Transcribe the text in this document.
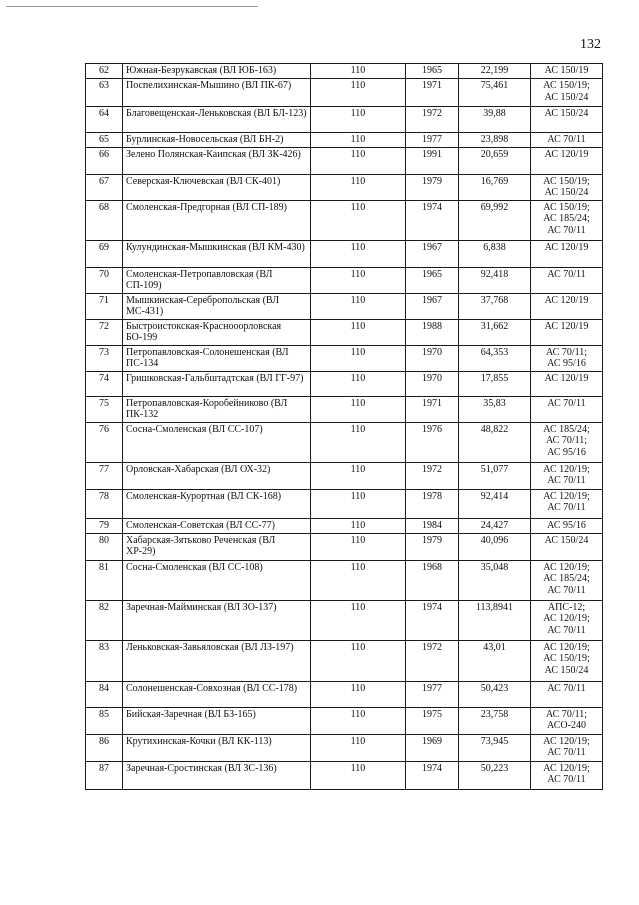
132
62	Южная-Безрукавская (ВЛ ЮБ-163)	110	1965	22,199	АС 150/19

63	Поспелихинская-Мышино (ВЛ ПК-67)	110	1971	75,461	АС 150/19;
АС 150/24

64	Благовещенская-Леньковская (ВЛ БЛ-123)	110	1972	39,88	АС 150/24

65	Бурлинская-Новосельская (ВЛ БН-2)	110	1977	23,898	АС 70/11

66	Зелено Полянская-Каипская (ВЛ ЗК-426)	110	1991	20,659	АС 120/19

67	Северская-Ключевская (ВЛ СК-401)	110	1979	16,769	АС 150/19;
АС 150/24

68	Смоленская-Предгорная (ВЛ СП-189)	110	1974	69,992	АС 150/19;
АС 185/24;
АС 70/11

69	Кулундинская-Мышкинская (ВЛ КМ-430)	110	1967	6,838	АС 120/19

70	Смоленская-Петропавловская (ВЛ СП-109)	110	1965	92,418	АС 70/11

71	Мышкинская-Серебропольская (ВЛ МС-431)	110	1967	37,768	АС 120/19

72	Быстроистокская-Краснооорловская БО-199	110	1988	31,662	АС 120/19

73	Петропавловская-Солонешенская (ВЛ ПС-134	110	1970	64,353	АС 70/11;
АС 95/16

74	Гришковская-Гальбштадтская (ВЛ ГГ-97)	110	1970	17,855	АС 120/19

75	Петропавловская-Коробейниково (ВЛ ПК-132	110	1971	35,83	АС 70/11

76	Сосна-Смоленская (ВЛ СС-107)	110	1976	48,822	АС 185/24;
АС 70/11;
АС 95/16

77	Орловская-Хабарская (ВЛ ОХ-32)	110	1972	51,077	АС 120/19;
АС 70/11

78	Смоленская-Курортная (ВЛ СК-168)	110	1978	92,414	АС 120/19;
АС 70/11

79	Смоленская-Советская (ВЛ СС-77)	110	1984	24,427	АС 95/16

80	Хабарская-Зятьково Реченская (ВЛ ХР-29)	110	1979	40,096	АС 150/24

81	Сосна-Смоленская (ВЛ СС-108)	110	1968	35,048	АС 120/19;
АС 185/24;
АС 70/11

82	Заречная-Майминская (ВЛ ЗО-137)	110	1974	113,8941	АПС-12;
АС 120/19;
АС 70/11

83	Леньковская-Завьяловская (ВЛ ЛЗ-197)	110	1972	43,01	АС 120/19;
АС 150/19;
АС 150/24

84	Солонешенская-Совхозная (ВЛ СС-178)	110	1977	50,423	АС 70/11

85	Бийская-Заречная (ВЛ БЗ-165)	110	1975	23,758	АС 70/11;
АСО-240

86	Крутихинская-Кочки (ВЛ КК-113)	110	1969	73,945	АС 120/19;
АС 70/11

87	Заречная-Сростинская (ВЛ ЗС-136)	110	1974	50,223	АС 120/19;
АС 70/11
